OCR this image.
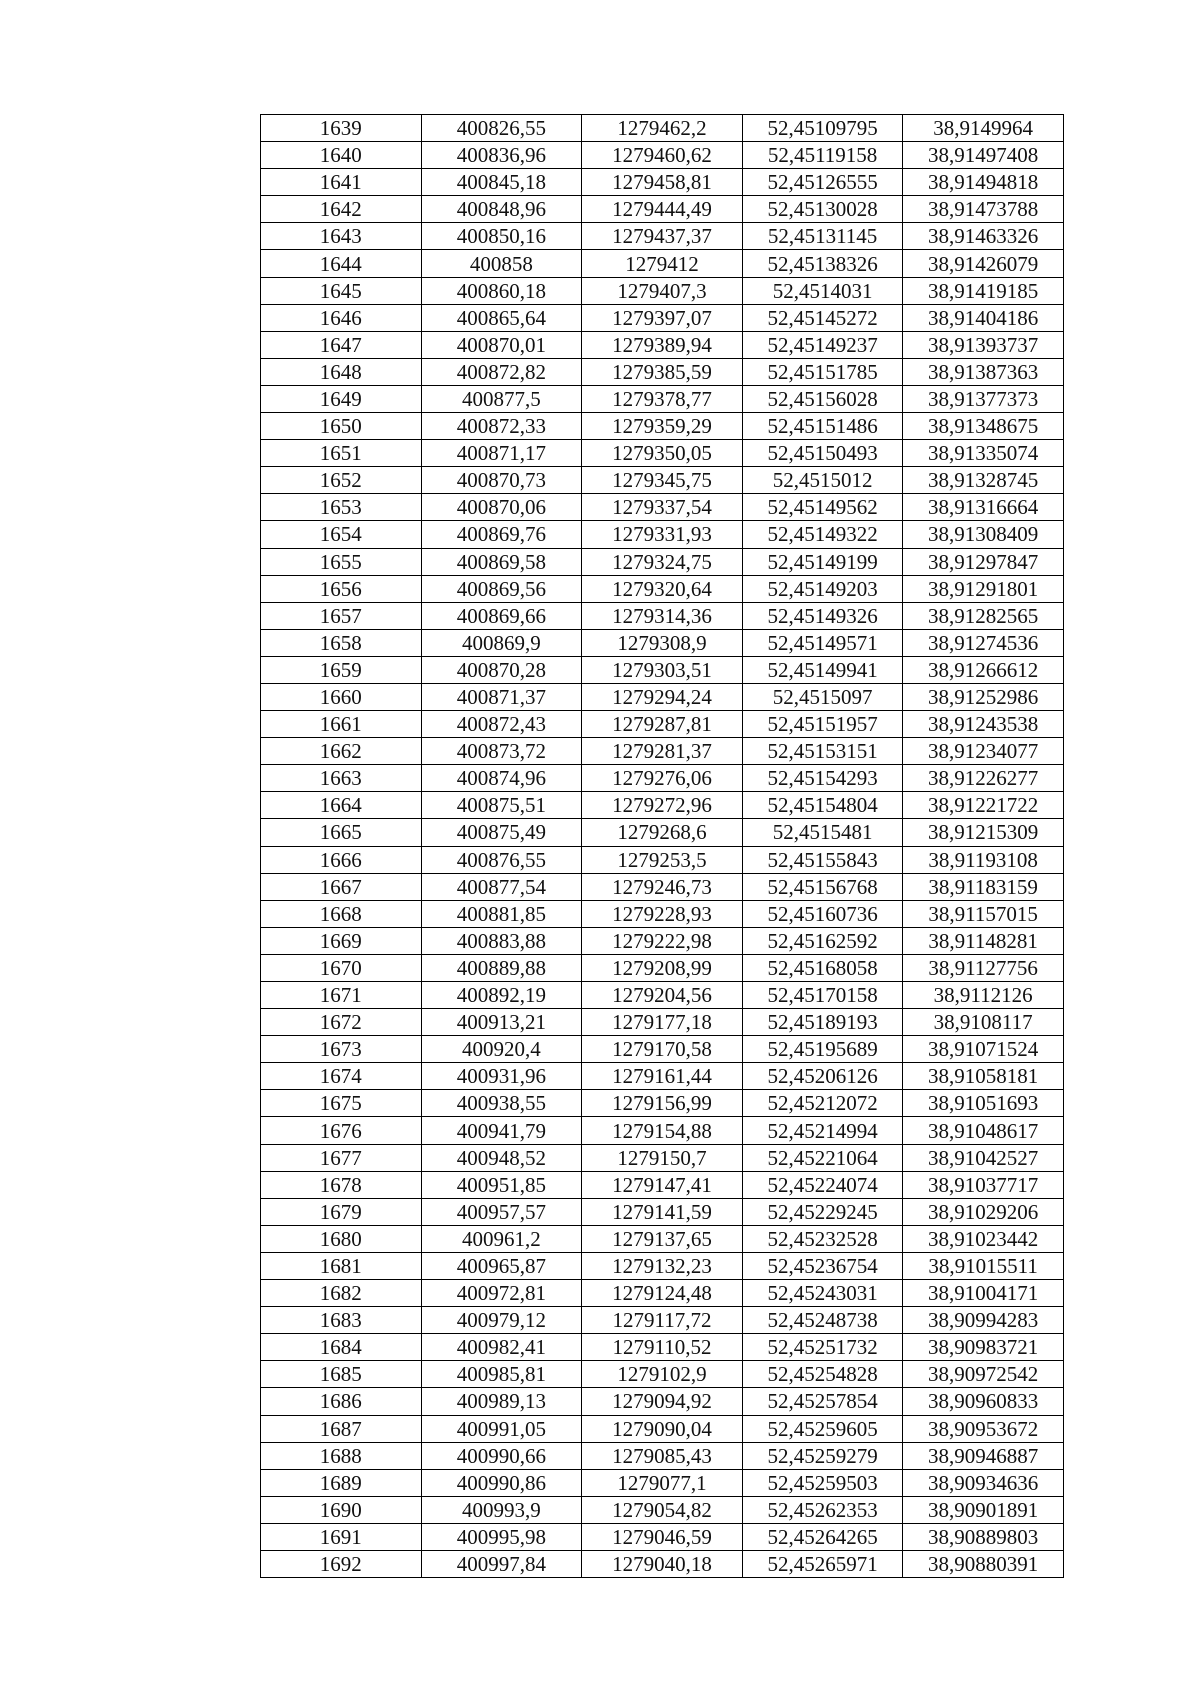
1639	400826,55	1279462,2	52,45109795	38,9149964
1640	400836,96	1279460,62	52,45119158	38,91497408
1641	400845,18	1279458,81	52,45126555	38,91494818
1642	400848,96	1279444,49	52,45130028	38,91473788
1643	400850,16	1279437,37	52,45131145	38,91463326
1644	400858	1279412	52,45138326	38,91426079
1645	400860,18	1279407,3	52,4514031	38,91419185
1646	400865,64	1279397,07	52,45145272	38,91404186
1647	400870,01	1279389,94	52,45149237	38,91393737
1648	400872,82	1279385,59	52,45151785	38,91387363
1649	400877,5	1279378,77	52,45156028	38,91377373
1650	400872,33	1279359,29	52,45151486	38,91348675
1651	400871,17	1279350,05	52,45150493	38,91335074
1652	400870,73	1279345,75	52,4515012	38,91328745
1653	400870,06	1279337,54	52,45149562	38,91316664
1654	400869,76	1279331,93	52,45149322	38,91308409
1655	400869,58	1279324,75	52,45149199	38,91297847
1656	400869,56	1279320,64	52,45149203	38,91291801
1657	400869,66	1279314,36	52,45149326	38,91282565
1658	400869,9	1279308,9	52,45149571	38,91274536
1659	400870,28	1279303,51	52,45149941	38,91266612
1660	400871,37	1279294,24	52,4515097	38,91252986
1661	400872,43	1279287,81	52,45151957	38,91243538
1662	400873,72	1279281,37	52,45153151	38,91234077
1663	400874,96	1279276,06	52,45154293	38,91226277
1664	400875,51	1279272,96	52,45154804	38,91221722
1665	400875,49	1279268,6	52,4515481	38,91215309
1666	400876,55	1279253,5	52,45155843	38,91193108
1667	400877,54	1279246,73	52,45156768	38,91183159
1668	400881,85	1279228,93	52,45160736	38,91157015
1669	400883,88	1279222,98	52,45162592	38,91148281
1670	400889,88	1279208,99	52,45168058	38,91127756
1671	400892,19	1279204,56	52,45170158	38,9112126
1672	400913,21	1279177,18	52,45189193	38,9108117
1673	400920,4	1279170,58	52,45195689	38,91071524
1674	400931,96	1279161,44	52,45206126	38,91058181
1675	400938,55	1279156,99	52,45212072	38,91051693
1676	400941,79	1279154,88	52,45214994	38,91048617
1677	400948,52	1279150,7	52,45221064	38,91042527
1678	400951,85	1279147,41	52,45224074	38,91037717
1679	400957,57	1279141,59	52,45229245	38,91029206
1680	400961,2	1279137,65	52,45232528	38,91023442
1681	400965,87	1279132,23	52,45236754	38,91015511
1682	400972,81	1279124,48	52,45243031	38,91004171
1683	400979,12	1279117,72	52,45248738	38,90994283
1684	400982,41	1279110,52	52,45251732	38,90983721
1685	400985,81	1279102,9	52,45254828	38,90972542
1686	400989,13	1279094,92	52,45257854	38,90960833
1687	400991,05	1279090,04	52,45259605	38,90953672
1688	400990,66	1279085,43	52,45259279	38,90946887
1689	400990,86	1279077,1	52,45259503	38,90934636
1690	400993,9	1279054,82	52,45262353	38,90901891
1691	400995,98	1279046,59	52,45264265	38,90889803
1692	400997,84	1279040,18	52,45265971	38,90880391
